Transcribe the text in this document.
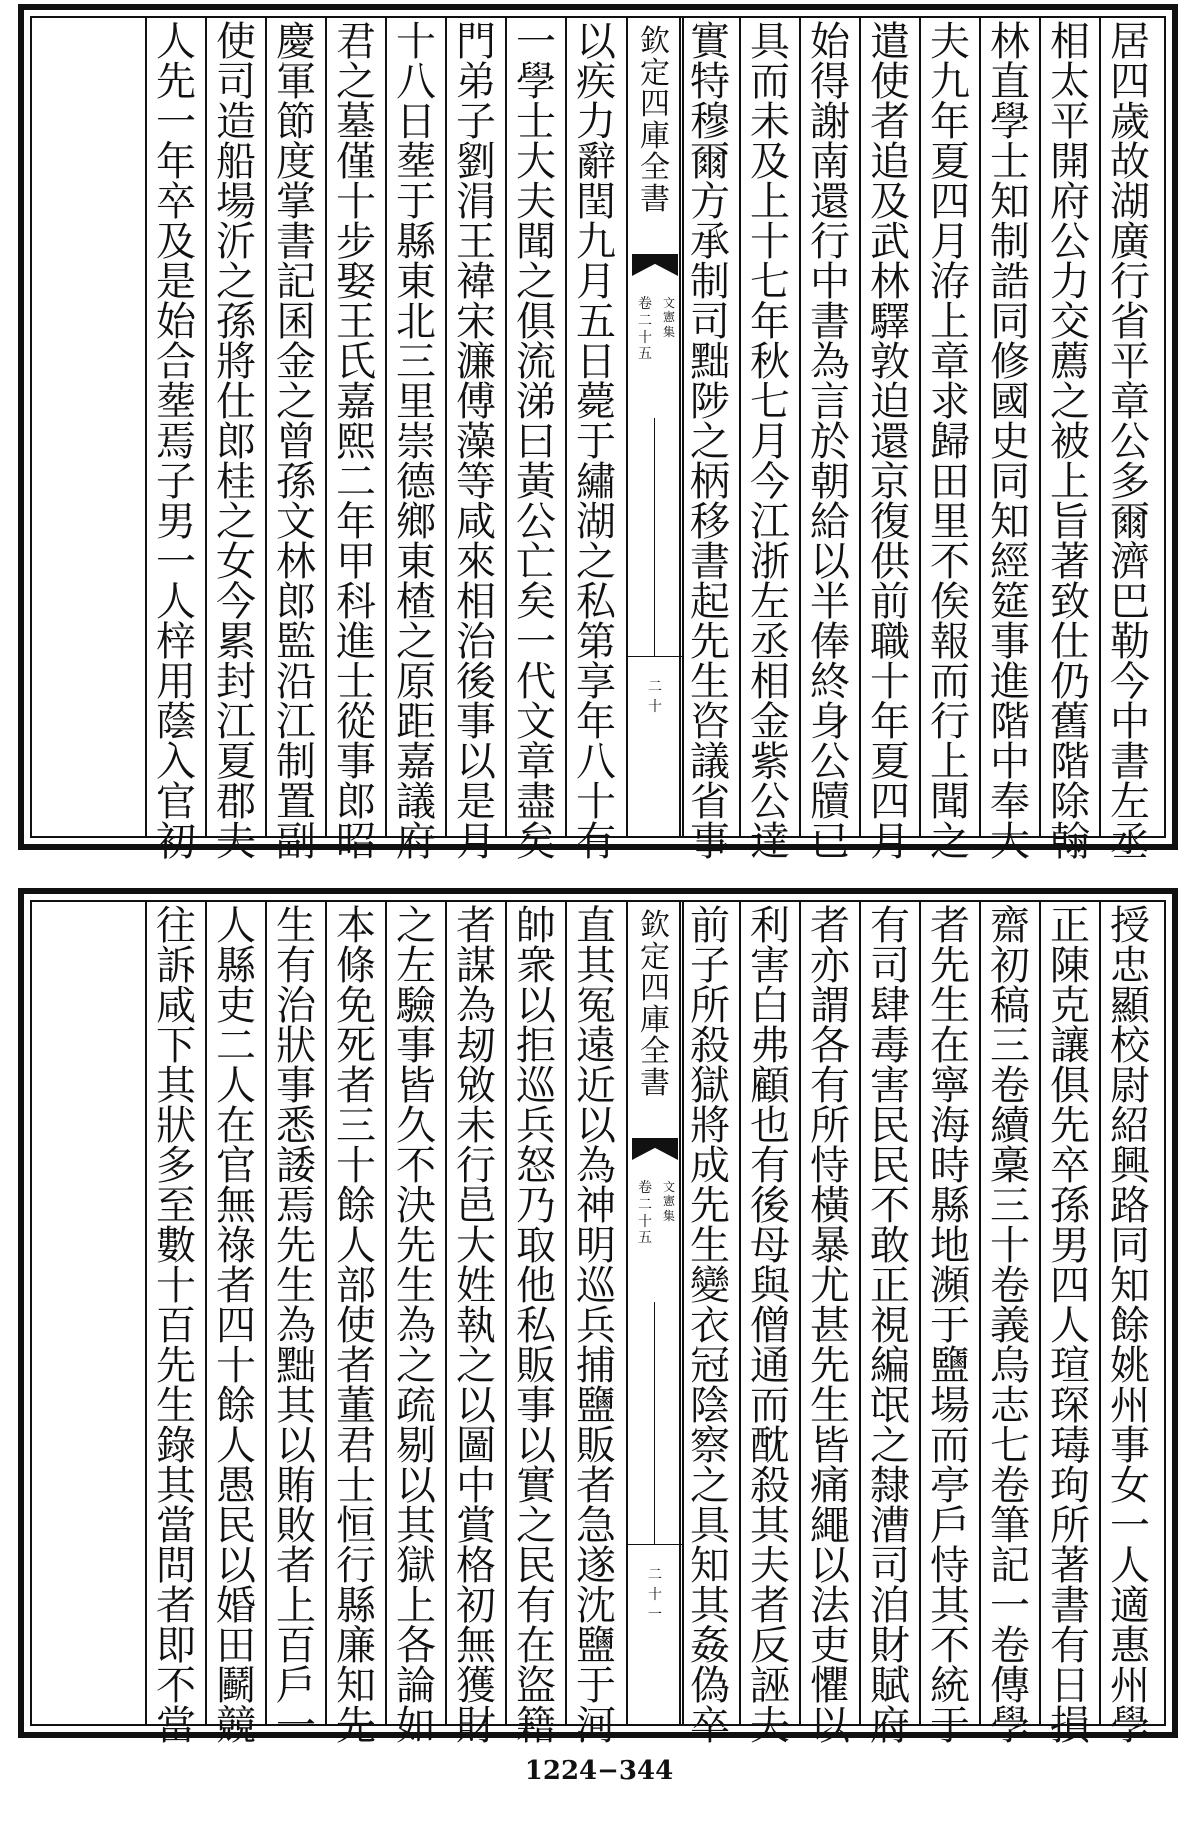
居
四
歲
故
湖
廣
行
省
平
章
公
多
爾
濟
巴
勒
今
中
書
左
丞
相
太
平
開
府
公
力
交
薦
之
被
上
旨
著
致
仕
仍
舊
階
除
翰
林
直
學
士
知
制
誥
同
修
國
史
同
知
經
筵
事
進
階
中
奉
大
夫
九
年
夏
四
月
洊
上
章
求
歸
田
里
不
俟
報
而
行
上
聞
之
遣
使
者
追
及
武
林
驛
敦
迫
還
京
復
供
前
職
十
年
夏
四
月
始
得
謝
南
還
行
中
書
為
言
於
朝
給
以
半
俸
終
身
公
牘
已
具
而
未
及
上
十
七
年
秋
七
月
今
江
浙
左
丞
相
金
紫
公
達
實
特
穆
爾
方
承
制
司
黜
陟
之
柄
移
書
起
先
生
咨
議
省
事
以
疾
力
辭
閏
九
月
五
日
薨
于
繡
湖
之
私
第
享
年
八
十
有
一
學
士
大
夫
聞
之
俱
流
涕
曰
黃
公
亡
矣
一
代
文
章
盡
矣
門
弟
子
劉
涓
王
褘
宋
濂
傅
藻
等
咸
來
相
治
後
事
以
是
月
十
八
日
塟
于
縣
東
北
三
里
崇
德
鄉
東
楂
之
原
距
嘉
議
府
君
之
墓
僅
十
步
娶
王
氏
嘉
熙
二
年
甲
科
進
士
從
事
郎
昭
慶
軍
節
度
掌
書
記
囷
金
之
曾
孫
文
林
郎
監
沿
江
制
置
副
使
司
造
船
場
沂
之
孫
將
仕
郎
桂
之
女
今
累
封
江
夏
郡
夫
人
先
一
年
卒
及
是
始
合
塟
焉
子
男
一
人
梓
用
蔭
入
官
初
欽
定
四
庫
全
書
文
憲
集
卷
二
十
五
二
十
授
忠
顯
校
尉
紹
興
路
同
知
餘
姚
州
事
女
一
人
適
惠
州
學
正
陳
克
讓
俱
先
卒
孫
男
四
人
瑄
琛
瑇
玽
所
著
書
有
日
損
齋
初
稿
三
卷
續
稾
三
十
卷
義
烏
志
七
卷
筆
記
一
卷
傳
學
者
先
生
在
寧
海
時
縣
地
瀕
于
鹽
場
而
亭
戶
恃
其
不
統
于
有
司
肆
毒
害
民
民
不
敢
正
視
編
氓
之
隸
漕
司
洎
財
賦
府
者
亦
謂
各
有
所
恃
橫
暴
尤
甚
先
生
皆
痛
繩
以
法
吏
懼
以
利
害
白
弗
顧
也
有
後
母
與
僧
通
而
酖
殺
其
夫
者
反
誣
夫
前
子
所
殺
獄
將
成
先
生
變
衣
冠
陰
察
之
具
知
其
姦
偽
卒
直
其
冤
遠
近
以
為
神
明
巡
兵
捕
鹽
販
者
急
遂
沈
鹽
于
河
帥
衆
以
拒
巡
兵
怒
乃
取
他
私
販
事
以
實
之
民
有
在
盜
籍
者
謀
為
刼
敓
未
行
邑
大
姓
執
之
以
圖
中
賞
格
初
無
獲
財
之
左
驗
事
皆
久
不
決
先
生
為
之
疏
剔
以
其
獄
上
各
論
如
本
條
免
死
者
三
十
餘
人
部
使
者
董
君
士
恒
行
縣
廉
知
先
生
有
治
狀
事
悉
諉
焉
先
生
為
黜
其
以
賄
敗
者
上
百
戶
一
人
縣
吏
二
人
在
官
無
祿
者
四
十
餘
人
愚
民
以
婚
田
鬬
競
往
訴
咸
下
其
狀
多
至
數
十
百
先
生
錄
其
當
問
者
即
不
當
欽
定
四
庫
全
書
文
憲
集
卷
二
十
五
二
十
一
1224−344
